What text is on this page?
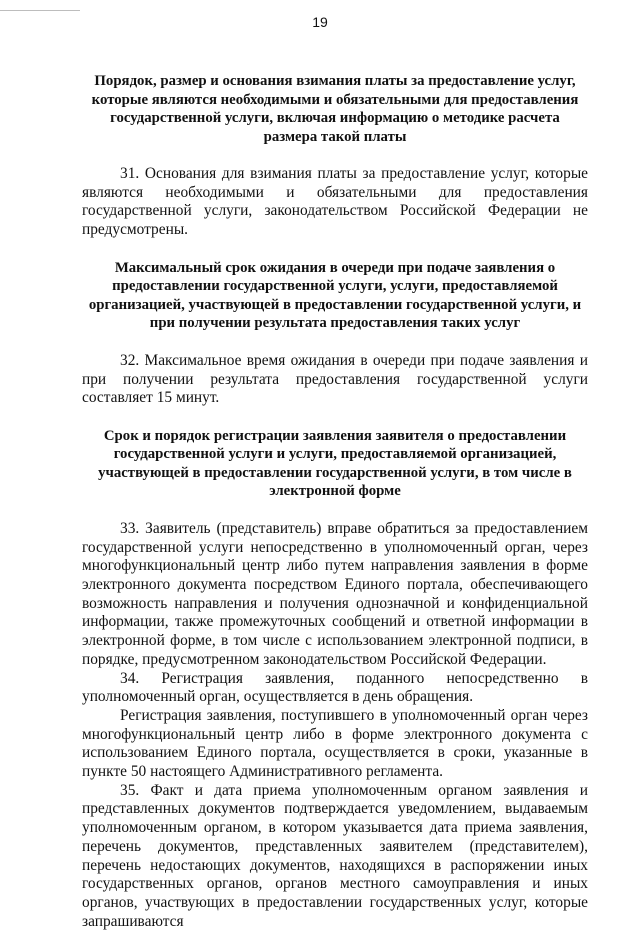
19
Порядок, размер и основания взимания платы за предоставление услуг, которые являются необходимыми и обязательными для предоставления государственной услуги, включая информацию о методике расчета размера такой платы

31. Основания для взимания платы за предоставление услуг, которые являются необходимыми и обязательными для предоставления государственной услуги, законодательством Российской Федерации не предусмотрены.

Максимальный срок ожидания в очереди при подаче заявления о предоставлении государственной услуги, услуги, предоставляемой организацией, участвующей в предоставлении государственной услуги, и при получении результата предоставления таких услуг

32. Максимальное время ожидания в очереди при подаче заявления и при получении результата предоставления государственной услуги составляет 15 минут.

Срок и порядок регистрации заявления заявителя о предоставлении государственной услуги и услуги, предоставляемой организацией, участвующей в предоставлении государственной услуги, в том числе в электронной форме

33. Заявитель (представитель) вправе обратиться за предоставлением государственной услуги непосредственно в уполномоченный орган, через многофункциональный центр либо путем направления заявления в форме электронного документа посредством Единого портала, обеспечивающего возможность направления и получения однозначной и конфиденциальной информации, также промежуточных сообщений и ответной информации в электронной форме, в том числе с использованием электронной подписи, в порядке, предусмотренном законодательством Российской Федерации.

34. Регистрация заявления, поданного непосредственно в уполномоченный орган, осуществляется в день обращения.

Регистрация заявления, поступившего в уполномоченный орган через многофункциональный центр либо в форме электронного документа с использованием Единого портала, осуществляется в сроки, указанные в пункте 50 настоящего Административного регламента.

35. Факт и дата приема уполномоченным органом заявления и представленных документов подтверждается уведомлением, выдаваемым уполномоченным органом, в котором указывается дата приема заявления, перечень документов, представленных заявителем (представителем), перечень недостающих документов, находящихся в распоряжении иных государственных органов, органов местного самоуправления и иных органов, участвующих в предоставлении государственных услуг, которые запрашиваются
